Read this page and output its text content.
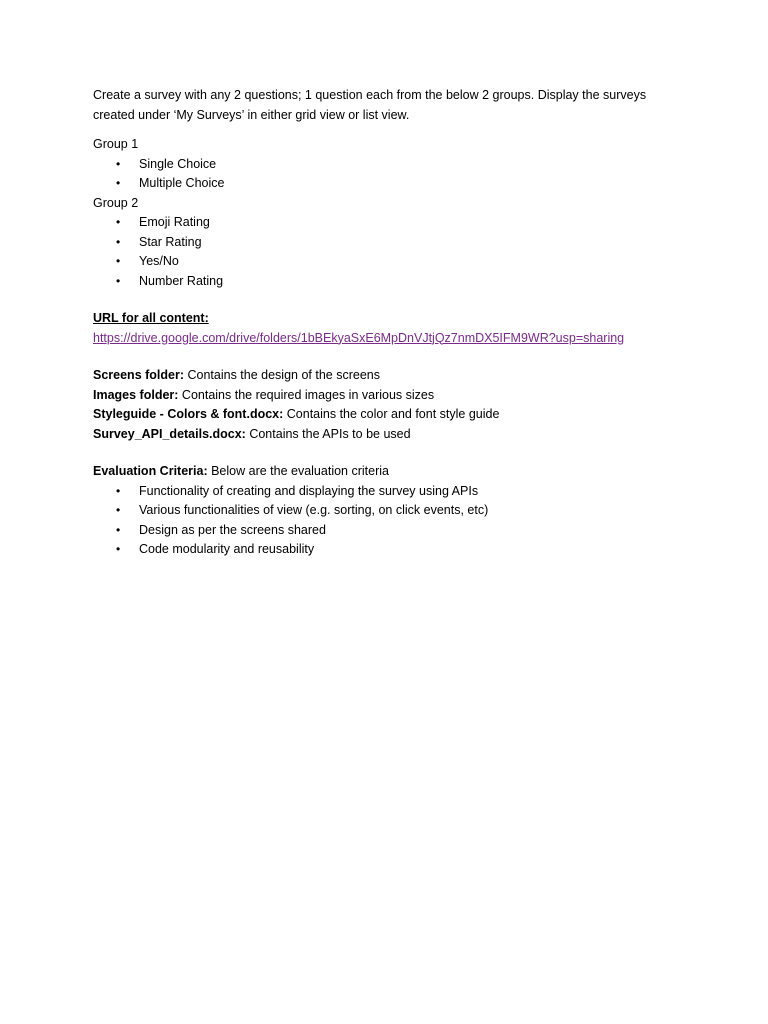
Create a survey with any 2 questions; 1 question each from the below 2 groups. Display the surveys created under ‘My Surveys’ in either grid view or list view.
Group 1
• Single Choice
• Multiple Choice
Group 2
• Emoji Rating
• Star Rating
• Yes/No
• Number Rating
URL for all content:
https://drive.google.com/drive/folders/1bBEkyaSxE6MpDnVJtjQz7nmDX5IFM9WR?usp=sharing
Screens folder: Contains the design of the screens
Images folder: Contains the required images in various sizes
Styleguide - Colors & font.docx: Contains the color and font style guide
Survey_API_details.docx: Contains the APIs to be used
Evaluation Criteria: Below are the evaluation criteria
• Functionality of creating and displaying the survey using APIs
• Various functionalities of view (e.g. sorting, on click events, etc)
• Design as per the screens shared
• Code modularity and reusability
